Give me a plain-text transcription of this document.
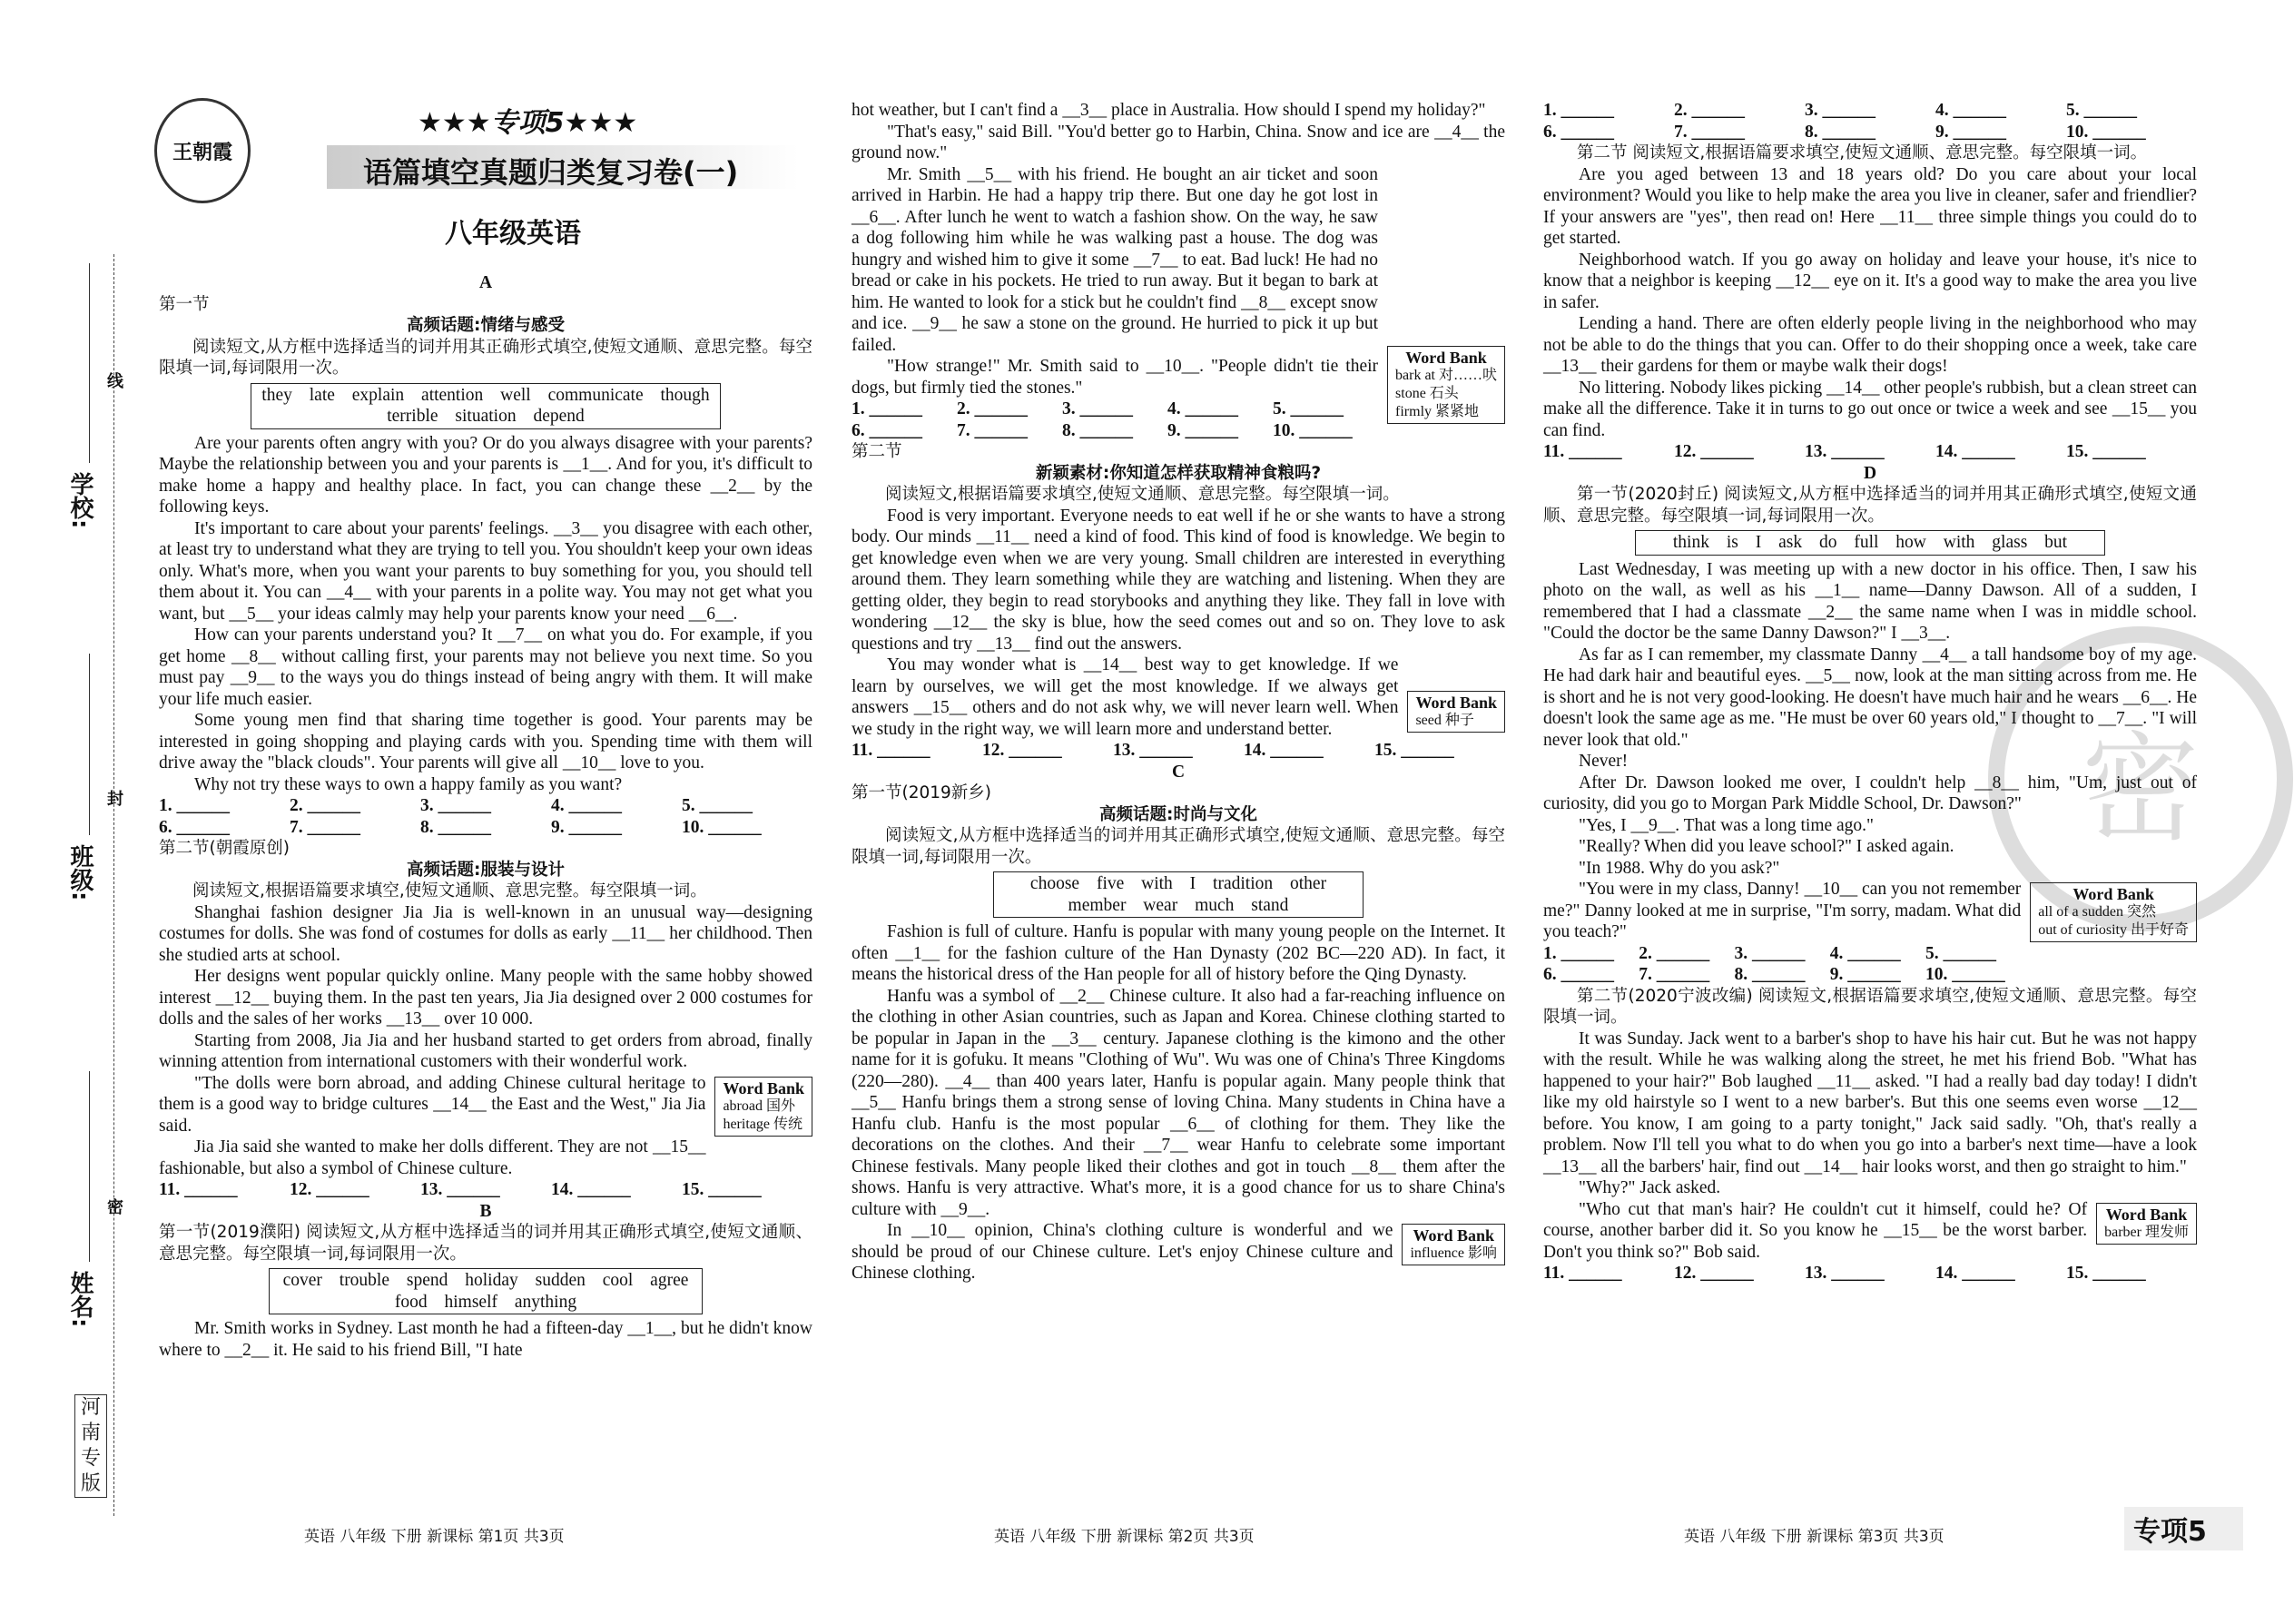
王朝霞
★★★专项5★★★
语篇填空真题归类复习卷(一)
八年级英语
密
学校:
班级:
姓名:
线
封
密
河南专版

A

第一节

高频话题:情绪与感受

阅读短文,从方框中选择适当的词并用其正确形式填空,使短文通顺、意思完整。每空限填一词,每词限用一次。

they late explain attention well communicate though terrible situation depend

Are your parents often angry with you? Or do you always disagree with your parents? Maybe the relationship between you and your parents is __1__. And for you, it's difficult to make home a happy and healthy place. In fact, you can change these __2__ by the following keys.

It's important to care about your parents' feelings. __3__ you disagree with each other, at least try to understand what they are trying to tell you. You shouldn't keep your own ideas only. What's more, when you want your parents to buy something for you, you should tell them about it. You can __4__ with your parents in a polite way. You may not get what you want, but __5__ your ideas calmly may help your parents know your need __6__.

How can your parents understand you? It __7__ on what you do. For example, if you get home __8__ without calling first, your parents may not believe you next time. So you must pay __9__ to the ways you do things instead of being angry with them. It will make your life much easier.

Some young men find that sharing time together is good. Your parents may be interested in going shopping and playing cards with you. Spending time with them will drive away the "black clouds". Your parents will give all __10__ love to you.

Why not try these ways to own a happy family as you want?

1. ______	2. ______	3. ______	4. ______	5. ______
6. ______	7. ______	8. ______	9. ______	10. ______

第二节(朝霞原创)

高频话题:服装与设计

阅读短文,根据语篇要求填空,使短文通顺、意思完整。每空限填一词。

Shanghai fashion designer Jia Jia is well-known in an unusual way—designing costumes for dolls. She was fond of costumes for dolls as early __11__ her childhood. Then she studied arts at school.

Her designs went popular quickly online. Many people with the same hobby showed interest __12__ buying them. In the past ten years, Jia Jia designed over 2 000 costumes for dolls and the sales of her works __13__ over 10 000.

Starting from 2008, Jia Jia and her husband started to get orders from abroad, finally winning attention from international customers with their wonderful work.

Word Bank
abroad 国外
heritage 传统

"The dolls were born abroad, and adding Chinese cultural heritage to them is a good way to bridge cultures __14__ the East and the West," Jia Jia said.

Jia Jia said she wanted to make her dolls different. They are not __15__ fashionable, but also a symbol of Chinese culture.

11. ______	12. ______	13. ______	14. ______	15. ______

B

第一节(2019濮阳) 阅读短文,从方框中选择适当的词并用其正确形式填空,使短文通顺、意思完整。每空限填一词,每词限用一次。

cover trouble spend holiday sudden cool agree food himself anything

Mr. Smith works in Sydney. Last month he had a fifteen-day __1__, but he didn't know where to __2__ it. He said to his friend Bill, "I hate

hot weather, but I can't find a __3__ place in Australia. How should I spend my holiday?"

"That's easy," said Bill. "You'd better go to Harbin, China. Snow and ice are __4__ the ground now."

Word Bank
bark at 对……吠
stone 石头
firmly 紧紧地

Mr. Smith __5__ with his friend. He bought an air ticket and soon arrived in Harbin. He had a happy trip there. But one day he got lost in __6__. After lunch he went to watch a fashion show. On the way, he saw a dog following him while he was walking past a house. The dog was hungry and wished him to give it some __7__ to eat. Bad luck! He had no bread or cake in his pockets. He tried to run away. But it began to bark at him. He wanted to look for a stick but he couldn't find __8__ except snow and ice. __9__ he saw a stone on the ground. He hurried to pick it up but failed.

"How strange!" Mr. Smith said to __10__. "People didn't tie their dogs, but firmly tied the stones."

1. ______	2. ______	3. ______	4. ______	5. ______
6. ______	7. ______	8. ______	9. ______	10. ______

第二节

新颖素材:你知道怎样获取精神食粮吗?

阅读短文,根据语篇要求填空,使短文通顺、意思完整。每空限填一词。

Food is very important. Everyone needs to eat well if he or she wants to have a strong body. Our minds __11__ need a kind of food. This kind of food is knowledge. We begin to get knowledge even when we are very young. Small children are interested in everything around them. They learn something while they are watching and listening. When they are getting older, they begin to read storybooks and anything they like. They fall in love with wondering __12__ the sky is blue, how the seed comes out and so on. They love to ask questions and try __13__ find out the answers.

Word Bank
seed 种子

You may wonder what is __14__ best way to get knowledge. If we learn by ourselves, we will get the most knowledge. If we always get answers __15__ others and do not ask why, we will never learn well. When we study in the right way, we will learn more and understand better.

11. ______	12. ______	13. ______	14. ______	15. ______

C

第一节(2019新乡)

高频话题:时尚与文化

阅读短文,从方框中选择适当的词并用其正确形式填空,使短文通顺、意思完整。每空限填一词,每词限用一次。

choose five with I tradition other member wear much stand

Fashion is full of culture. Hanfu is popular with many young people on the Internet. It often __1__ for the fashion culture of the Han Dynasty (202 BC—220 AD). In fact, it means the historical dress of the Han people for all of history before the Qing Dynasty.

Hanfu was a symbol of __2__ Chinese culture. It also had a far-reaching influence on the clothing in other Asian countries, such as Japan and Korea. Chinese clothing started to be popular in Japan in the __3__ century. Japanese clothing is the kimono and the other name for it is gofuku. It means "Clothing of Wu". Wu was one of China's Three Kingdoms (220—280). __4__ than 400 years later, Hanfu is popular again. Many people think that __5__ Hanfu brings them a strong sense of loving China. Many students in China have a Hanfu club. Hanfu is the most popular __6__ of clothing for them. They like the decorations on the clothes. And their __7__ wear Hanfu to celebrate some important Chinese festivals. Many people liked their clothes and got in touch __8__ them after the shows. Hanfu is very attractive. What's more, it is a good chance for us to share China's culture with __9__.

Word Bank
influence 影响

In __10__ opinion, China's clothing culture is wonderful and we should be proud of our Chinese culture. Let's enjoy Chinese culture and Chinese clothing.

1. ______	2. ______	3. ______	4. ______	5. ______
6. ______	7. ______	8. ______	9. ______	10. ______

第二节 阅读短文,根据语篇要求填空,使短文通顺、意思完整。每空限填一词。

Are you aged between 13 and 18 years old? Do you care about your local environment? Would you like to help make the area you live in cleaner, safer and friendlier? If your answers are "yes", then read on! Here __11__ three simple things you could do to get started.

Neighborhood watch. If you go away on holiday and leave your house, it's nice to know that a neighbor is keeping __12__ eye on it. It's a good way to make the area you live in safer.

Lending a hand. There are often elderly people living in the neighborhood who may not be able to do the things that you can. Offer to do their shopping once a week, take care __13__ their gardens for them or maybe walk their dogs!

No littering. Nobody likes picking __14__ other people's rubbish, but a clean street can make all the difference. Take it in turns to go out once or twice a week and see __15__ you can find.

11. ______	12. ______	13. ______	14. ______	15. ______

D

第一节(2020封丘) 阅读短文,从方框中选择适当的词并用其正确形式填空,使短文通顺、意思完整。每空限填一词,每词限用一次。

think is I ask do full how with glass but

Last Wednesday, I was meeting up with a new doctor in his office. Then, I saw his photo on the wall, as well as his __1__ name—Danny Dawson. All of a sudden, I remembered that I had a classmate __2__ the same name when I was in middle school. "Could the doctor be the same Danny Dawson?" I __3__.

As far as I can remember, my classmate Danny __4__ a tall handsome boy of my age. He had dark hair and beautiful eyes. __5__ now, look at the man sitting across from me. He is short and he is not very good-looking. He doesn't have much hair and he wears __6__. He doesn't look the same age as me. "He must be over 60 years old," I thought to __7__. "I will never look that old."

Never!

After Dr. Dawson looked me over, I couldn't help __8__ him, "Um, just out of curiosity, did you go to Morgan Park Middle School, Dr. Dawson?"

"Yes, I __9__. That was a long time ago."

"Really? When did you leave school?" I asked again.

"In 1988. Why do you ask?"

Word Bank
all of a sudden 突然
out of curiosity 出于好奇

"You were in my class, Danny! __10__ can you not remember me?" Danny looked at me in surprise, "I'm sorry, madam. What did you teach?"

1. ______	2. ______	3. ______	4. ______	5. ______
6. ______	7. ______	8. ______	9. ______	10. ______

第二节(2020宁波改编) 阅读短文,根据语篇要求填空,使短文通顺、意思完整。每空限填一词。

It was Sunday. Jack went to a barber's shop to have his hair cut. But he was not happy with the result. While he was walking along the street, he met his friend Bob. "What has happened to your hair?" Bob laughed __11__ asked. "I had a really bad day today! I didn't like my old hairstyle so I went to a new barber's. But this one seems even worse __12__ before. You know, I am going to a party tonight," Jack said sadly. "Oh, that's really a problem. Now I'll tell you what to do when you go into a barber's next time—have a look __13__ all the barbers' hair, find out __14__ hair looks worst, and then go straight to him."

"Why?" Jack asked.

Word Bank
barber 理发师

"Who cut that man's hair? He couldn't cut it himself, could he? Of course, another barber did it. So you know he __15__ be the worst barber. Don't you think so?" Bob said.

11. ______	12. ______	13. ______	14. ______	15. ______
英语 八年级 下册 新课标 第1页 共3页	英语 八年级 下册 新课标 第2页 共3页	英语 八年级 下册 新课标 第3页 共3页	专项5
